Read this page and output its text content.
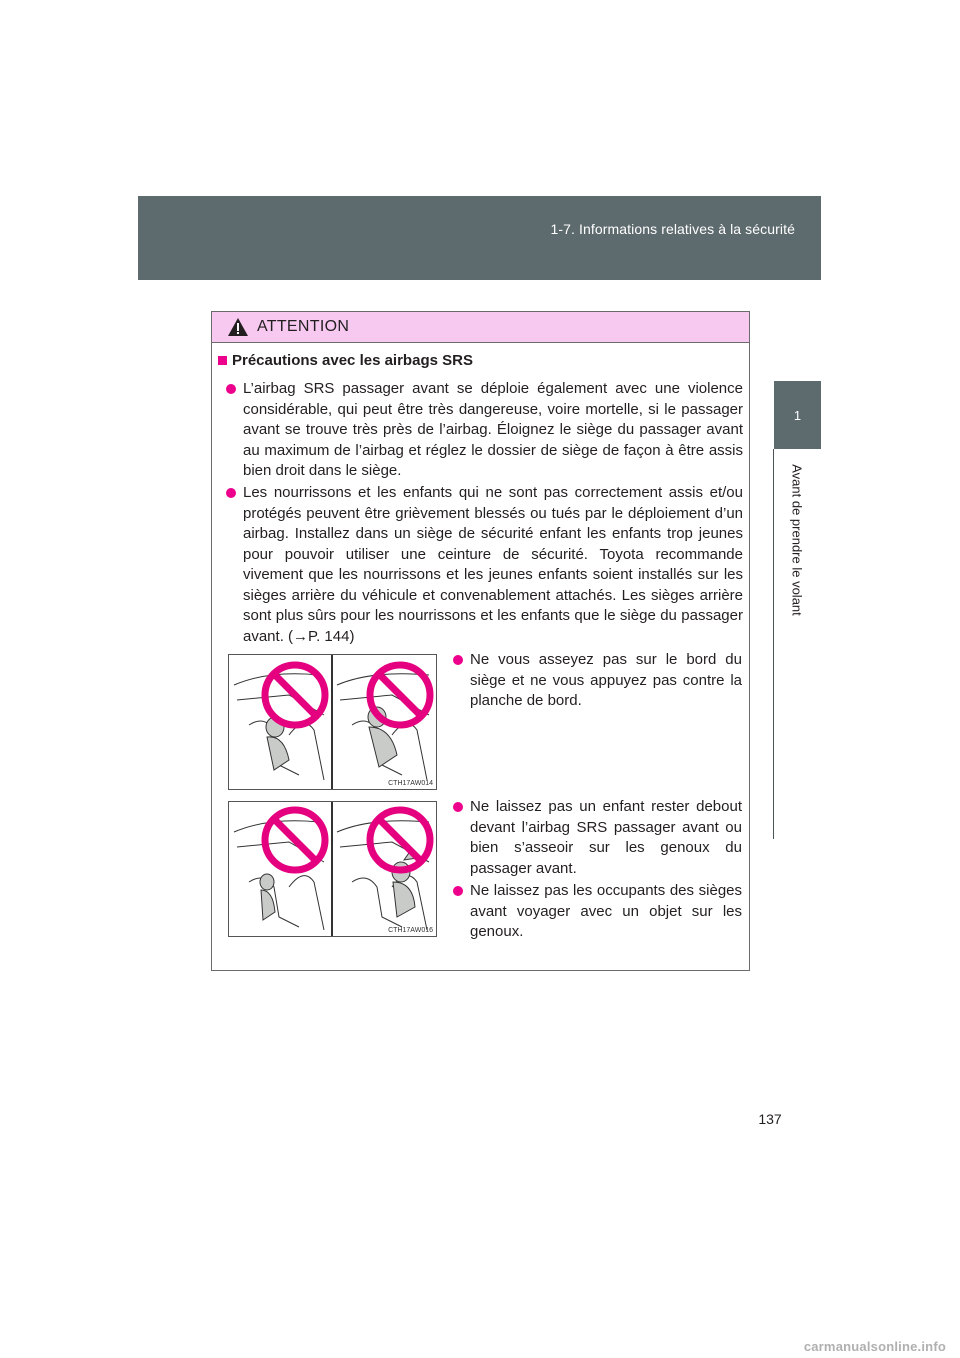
1-7. Informations relatives à la sécurité
1
Avant de prendre le volant
ATTENTION
Précautions avec les airbags SRS
L’airbag SRS passager avant se déploie également avec une violence considérable, qui peut être très dangereuse, voire mortelle, si le passager avant se trouve très près de l’airbag. Éloignez le siège du passager avant au maximum de l’airbag et réglez le dossier de siège de façon à être assis bien droit dans le siège.
Les nourrissons et les enfants qui ne sont pas correctement assis et/ou protégés peuvent être grièvement blessés ou tués par le déploiement d’un airbag. Installez dans un siège de sécurité enfant les enfants trop jeunes pour pouvoir utiliser une ceinture de sécurité. Toyota recommande vivement que les nourrissons et les jeunes enfants soient installés sur les sièges arrière du véhicule et convenablement attachés. Les sièges arrière sont plus sûrs pour les nourrissons et les enfants que le siège du passager avant. (→P. 144)
CTH17AW014
Ne vous asseyez pas sur le bord du siège et ne vous appuyez pas contre la planche de bord.
CTH17AW016
Ne laissez pas un enfant rester debout devant l’airbag SRS passager avant ou bien s’asseoir sur les genoux du passager avant.
Ne laissez pas les occupants des sièges avant voyager avec un objet sur les genoux.
137
carmanualsonline.info
